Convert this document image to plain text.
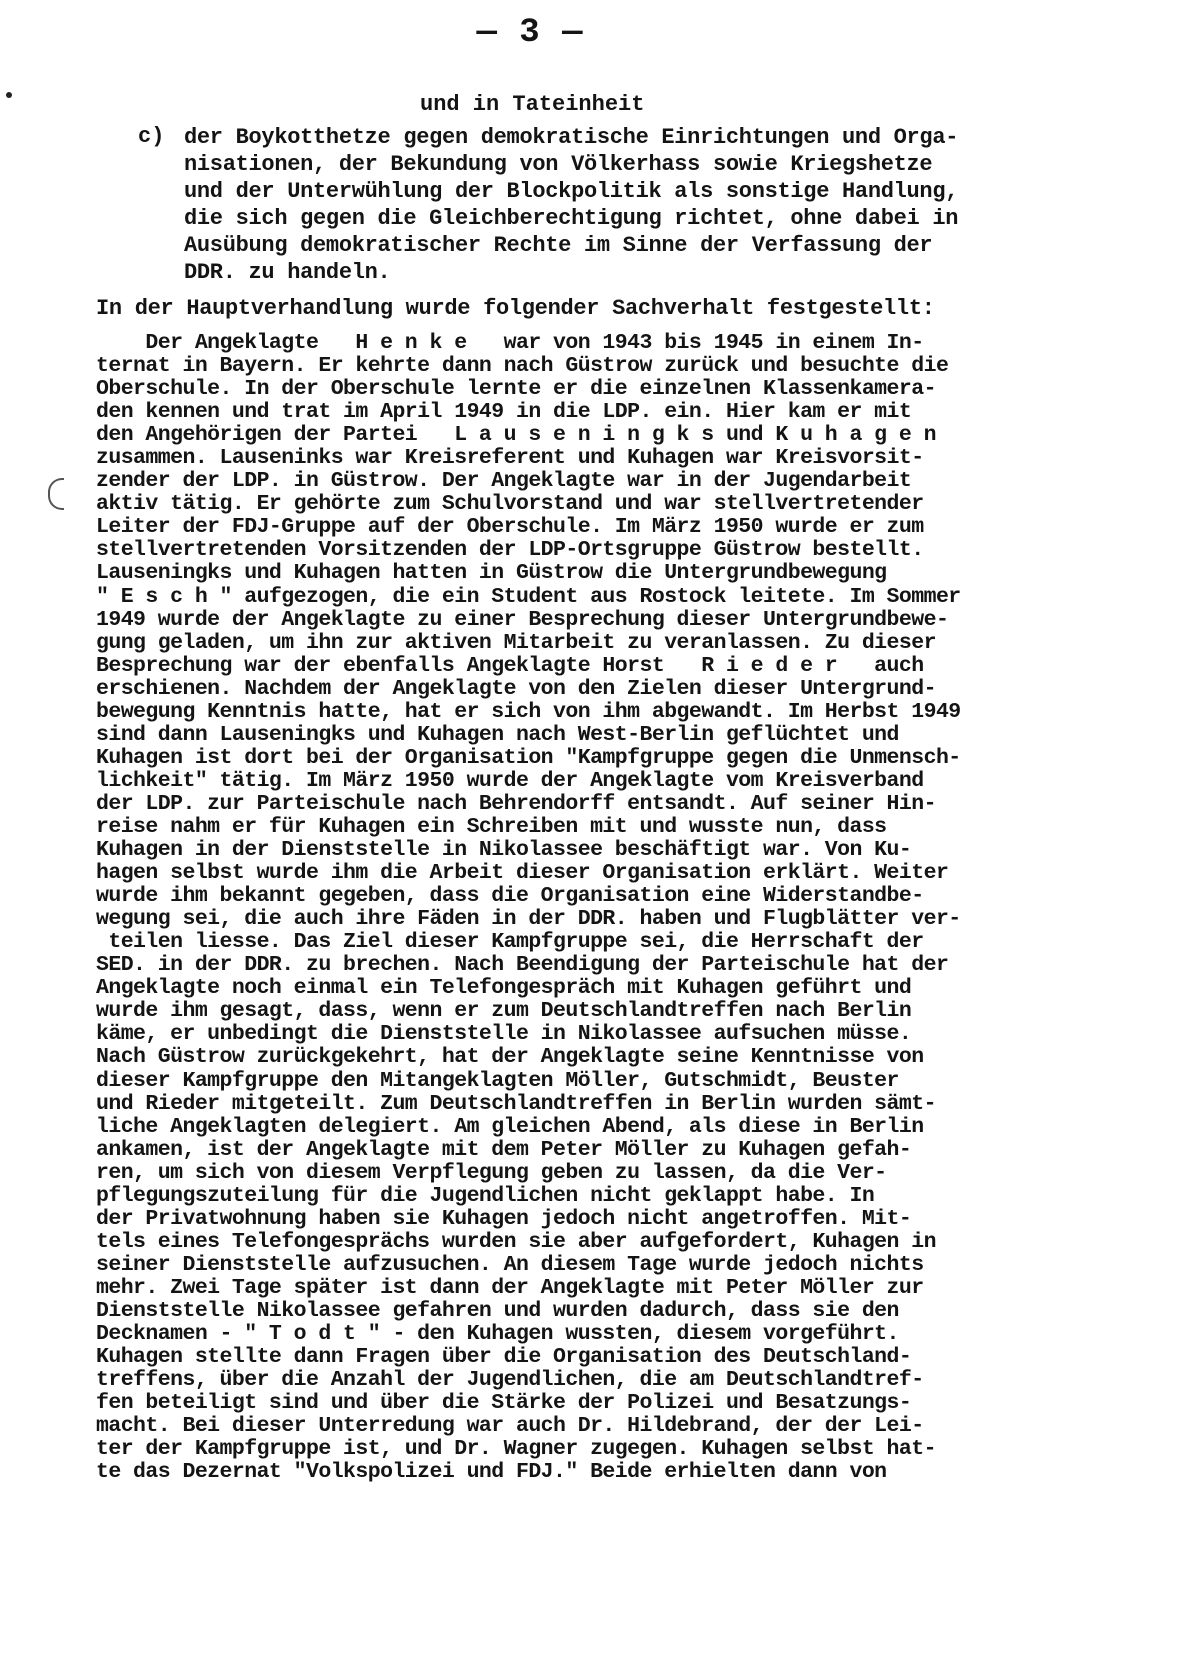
— 3 —
und in Tateinheit
c) der Boykotthetze gegen demokratische Einrichtungen und Orga-
nisationen, der Bekundung von Völkerhass sowie Kriegshetze
und der Unterwühlung der Blockpolitik als sonstige Handlung,
die sich gegen die Gleichberechtigung richtet, ohne dabei in
Ausübung demokratischer Rechte im Sinne der Verfassung der
DDR. zu handeln.
In der Hauptverhandlung wurde folgender Sachverhalt festgestellt:
Der Angeklagte   H e n k e   war von 1943 bis 1945 in einem In-
ternat in Bayern. Er kehrte dann nach Güstrow zurück und besuchte die
Oberschule. In der Oberschule lernte er die einzelnen Klassenkamera-
den kennen und trat im April 1949 in die LDP. ein. Hier kam er mit
den Angehörigen der Partei   L a u s e n i n g k s und K u h a g e n
zusammen. Lauseninks war Kreisreferent und Kuhagen war Kreisvorsit-
zender der LDP. in Güstrow. Der Angeklagte war in der Jugendarbeit
aktiv tätig. Er gehörte zum Schulvorstand und war stellvertretender
Leiter der FDJ-Gruppe auf der Oberschule. Im März 1950 wurde er zum
stellvertretenden Vorsitzenden der LDP-Ortsgruppe Güstrow bestellt.
Lauseningks und Kuhagen hatten in Güstrow die Untergrundbewegung
" E s c h " aufgezogen, die ein Student aus Rostock leitete. Im Sommer
1949 wurde der Angeklagte zu einer Besprechung dieser Untergrundbewe-
gung geladen, um ihn zur aktiven Mitarbeit zu veranlassen. Zu dieser
Besprechung war der ebenfalls Angeklagte Horst   R i e d e r   auch
erschienen. Nachdem der Angeklagte von den Zielen dieser Untergrund-
bewegung Kenntnis hatte, hat er sich von ihm abgewandt. Im Herbst 1949
sind dann Lauseningks und Kuhagen nach West-Berlin geflüchtet und
Kuhagen ist dort bei der Organisation "Kampfgruppe gegen die Unmensch-
lichkeit" tätig. Im März 1950 wurde der Angeklagte vom Kreisverband
der LDP. zur Parteischule nach Behrendorff entsandt. Auf seiner Hin-
reise nahm er für Kuhagen ein Schreiben mit und wusste nun, dass
Kuhagen in der Dienststelle in Nikolassee beschäftigt war. Von Ku-
hagen selbst wurde ihm die Arbeit dieser Organisation erklärt. Weiter
wurde ihm bekannt gegeben, dass die Organisation eine Widerstandbe-
wegung sei, die auch ihre Fäden in der DDR. haben und Flugblätter ver-
teilen liesse. Das Ziel dieser Kampfgruppe sei, die Herrschaft der
SED. in der DDR. zu brechen. Nach Beendigung der Parteischule hat der
Angeklagte noch einmal ein Telefongespräch mit Kuhagen geführt und
wurde ihm gesagt, dass, wenn er zum Deutschlandtreffen nach Berlin
käme, er unbedingt die Dienststelle in Nikolassee aufsuchen müsse.
Nach Güstrow zurückgekehrt, hat der Angeklagte seine Kenntnisse von
dieser Kampfgruppe den Mitangeklagten Möller, Gutschmidt, Beuster
und Rieder mitgeteilt. Zum Deutschlandtreffen in Berlin wurden sämt-
liche Angeklagten delegiert. Am gleichen Abend, als diese in Berlin
ankamen, ist der Angeklagte mit dem Peter Möller zu Kuhagen gefah-
ren, um sich von diesem Verpflegung geben zu lassen, da die Ver-
pflegungszuteilung für die Jugendlichen nicht geklappt habe. In
der Privatwohnung haben sie Kuhagen jedoch nicht angetroffen. Mit-
tels eines Telefongesprächs wurden sie aber aufgefordert, Kuhagen in
seiner Dienststelle aufzusuchen. An diesem Tage wurde jedoch nichts
mehr. Zwei Tage später ist dann der Angeklagte mit Peter Möller zur
Dienststelle Nikolassee gefahren und wurden dadurch, dass sie den
Decknamen - " T o d t " - den Kuhagen wussten, diesem vorgeführt.
Kuhagen stellte dann Fragen über die Organisation des Deutschland-
treffens, über die Anzahl der Jugendlichen, die am Deutschlandtref-
fen beteiligt sind und über die Stärke der Polizei und Besatzungs-
macht. Bei dieser Unterredung war auch Dr. Hildebrand, der der Lei-
ter der Kampfgruppe ist, und Dr. Wagner zugegen. Kuhagen selbst hat-
te das Dezernat "Volkspolizei und FDJ." Beide erhielten dann von
